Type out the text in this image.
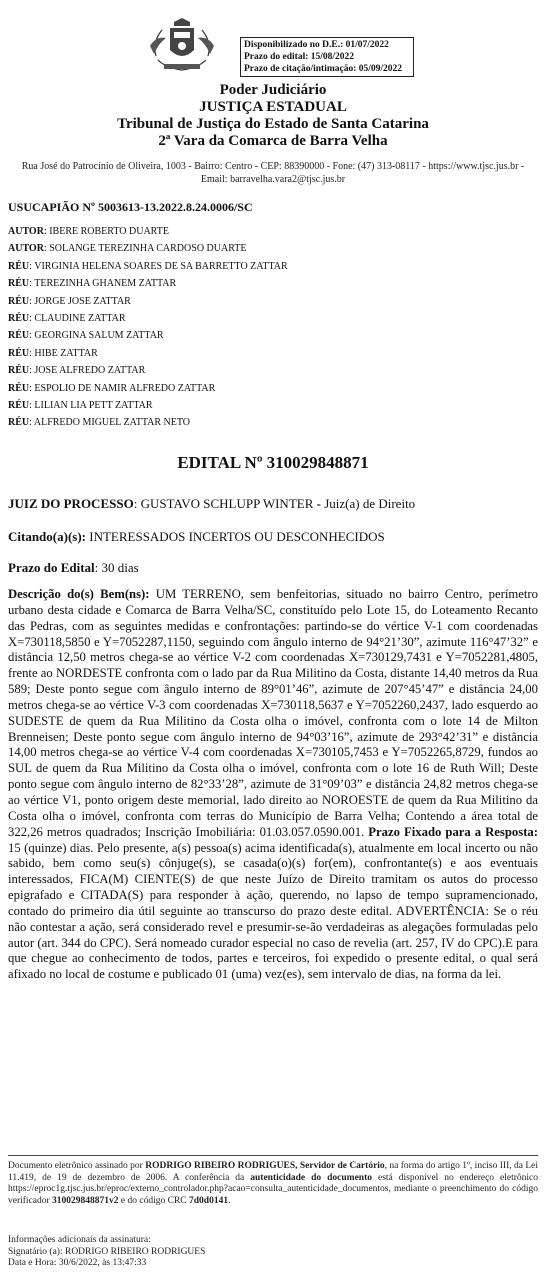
Disponibilizado no D.E.: 01/07/2022
Prazo do edital: 15/08/2022
Prazo de citação/intimação: 05/09/2022
Poder Judiciário
JUSTIÇA ESTADUAL
Tribunal de Justiça do Estado de Santa Catarina
2ª Vara da Comarca de Barra Velha
Rua José do Patrocínio de Oliveira, 1003 - Bairro: Centro - CEP: 88390000 - Fone: (47) 313-08117 - https://www.tjsc.jus.br - Email: barravelha.vara2@tjsc.jus.br
USUCAPIÃO Nº 5003613-13.2022.8.24.0006/SC
AUTOR: IBERE ROBERTO DUARTE
AUTOR: SOLANGE TEREZINHA CARDOSO DUARTE
RÉU: VIRGINIA HELENA SOARES DE SA BARRETTO ZATTAR
RÉU: TEREZINHA GHANEM ZATTAR
RÉU: JORGE JOSE ZATTAR
RÉU: CLAUDINE ZATTAR
RÉU: GEORGINA SALUM ZATTAR
RÉU: HIBE ZATTAR
RÉU: JOSE ALFREDO ZATTAR
RÉU: ESPOLIO DE NAMIR ALFREDO ZATTAR
RÉU: LILIAN LIA PETT ZATTAR
RÉU: ALFREDO MIGUEL ZATTAR NETO
EDITAL Nº 310029848871
JUIZ DO PROCESSO: GUSTAVO SCHLUPP WINTER - Juiz(a) de Direito
Citando(a)(s): INTERESSADOS INCERTOS OU DESCONHECIDOS
Prazo do Edital: 30 dias
Descrição do(s) Bem(ns): UM TERRENO, sem benfeitorias, situado no bairro Centro, perímetro urbano desta cidade e Comarca de Barra Velha/SC, constituído pelo Lote 15, do Loteamento Recanto das Pedras, com as seguintes medidas e confrontações: partindo-se do vértice V-1 com coordenadas X=730118,5850 e Y=7052287,1150, seguindo com ângulo interno de 94°21’30”, azimute 116°47’32” e distância 12,50 metros chega-se ao vértice V-2 com coordenadas X=730129,7431 e Y=7052281,4805, frente ao NORDESTE confronta com o lado par da Rua Militino da Costa, distante 14,40 metros da Rua 589; Deste ponto segue com ângulo interno de 89°01’46”, azimute de 207°45’47” e distância 24,00 metros chega-se ao vértice V-3 com coordenadas X=730118,5637 e Y=7052260,2437, lado esquerdo ao SUDESTE de quem da Rua Militino da Costa olha o imóvel, confronta com o lote 14 de Milton Brenneisen; Deste ponto segue com ângulo interno de 94°03’16”, azimute de 293°42’31” e distância 14,00 metros chega-se ao vértice V-4 com coordenadas X=730105,7453 e Y=7052265,8729, fundos ao SUL de quem da Rua Militino da Costa olha o imóvel, confronta com o lote 16 de Ruth Will; Deste ponto segue com ângulo interno de 82°33’28”, azimute de 31°09’03” e distância 24,82 metros chega-se ao vértice V1, ponto origem deste memorial, lado direito ao NOROESTE de quem da Rua Militino da Costa olha o imóvel, confronta com terras do Município de Barra Velha; Contendo a área total de 322,26 metros quadrados; Inscrição Imobiliária: 01.03.057.0590.001. Prazo Fixado para a Resposta: 15 (quinze) dias. Pelo presente, a(s) pessoa(s) acima identificada(s), atualmente em local incerto ou não sabido, bem como seu(s) cônjuge(s), se casada(o)(s) for(em), confrontante(s) e aos eventuais interessados, FICA(M) CIENTE(S) de que neste Juízo de Direito tramitam os autos do processo epigrafado e CITADA(S) para responder à ação, querendo, no lapso de tempo supramencionado, contado do primeiro dia útil seguinte ao transcurso do prazo deste edital. ADVERTÊNCIA: Se o réu não contestar a ação, será considerado revel e presumir-se-ão verdadeiras as alegações formuladas pelo autor (art. 344 do CPC). Será nomeado curador especial no caso de revelia (art. 257, IV do CPC).E para que chegue ao conhecimento de todos, partes e terceiros, foi expedido o presente edital, o qual será afixado no local de costume e publicado 01 (uma) vez(es), sem intervalo de dias, na forma da lei.
Documento eletrônico assinado por RODRIGO RIBEIRO RODRIGUES, Servidor de Cartório, na forma do artigo 1º, inciso III, da Lei 11.419, de 19 de dezembro de 2006. A conferência da autenticidade do documento está disponível no endereço eletrônico https://eproc1g.tjsc.jus.br/eproc/externo_controlador.php?acao=consulta_autenticidade_documentos, mediante o preenchimento do código verificador 310029848871v2 e do código CRC 7d0d0141.
Informações adicionais da assinatura:
Signatário (a): RODRIGO RIBEIRO RODRIGUES
Data e Hora: 30/6/2022, às 13:47:33
